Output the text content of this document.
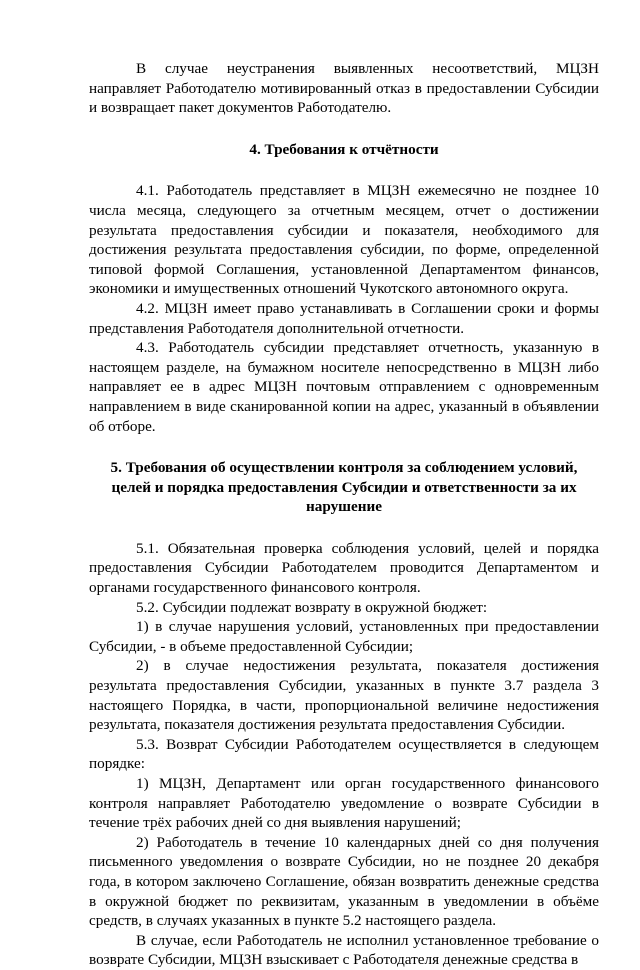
В случае неустранения выявленных несоответствий, МЦЗН направляет Работодателю мотивированный отказ в предоставлении Субсидии и возвращает пакет документов Работодателю.

4. Требования к отчётности

4.1. Работодатель представляет в МЦЗН ежемесячно не позднее 10 числа месяца, следующего за отчетным месяцем, отчет о достижении результата предоставления субсидии и показателя, необходимого для достижения результата предоставления субсидии, по форме, определенной типовой формой Соглашения, установленной Департаментом финансов, экономики и имущественных отношений Чукотского автономного округа.

4.2. МЦЗН имеет право устанавливать в Соглашении сроки и формы представления Работодателя дополнительной отчетности.

4.3. Работодатель субсидии представляет отчетность, указанную в настоящем разделе, на бумажном носителе непосредственно в МЦЗН либо направляет ее в адрес МЦЗН почтовым отправлением с одновременным направлением в виде сканированной копии на адрес, указанный в объявлении об отборе.

5. Требования об осуществлении контроля за соблюдением условий, целей и порядка предоставления Субсидии и ответственности за их нарушение

5.1. Обязательная проверка соблюдения условий, целей и порядка предоставления Субсидии Работодателем проводится Департаментом и органами государственного финансового контроля.

5.2. Субсидии подлежат возврату в окружной бюджет:

1) в случае нарушения условий, установленных при предоставлении Субсидии, - в объеме предоставленной Субсидии;

2) в случае недостижения результата, показателя достижения результата предоставления Субсидии, указанных в пункте 3.7 раздела 3 настоящего Порядка, в части, пропорциональной величине недостижения результата, показателя достижения результата предоставления Субсидии.

5.3. Возврат Субсидии Работодателем осуществляется в следующем порядке:

1) МЦЗН, Департамент или орган государственного финансового контроля направляет Работодателю уведомление о возврате Субсидии в течение трёх рабочих дней со дня выявления нарушений;

2) Работодатель в течение 10 календарных дней со дня получения письменного уведомления о возврате Субсидии, но не позднее 20 декабря года, в котором заключено Соглашение, обязан возвратить денежные средства в окружной бюджет по реквизитам, указанным в уведомлении в объёме средств, в случаях указанных в пункте 5.2 настоящего раздела.

В случае, если Работодатель не исполнил установленное требование о возврате Субсидии, МЦЗН взыскивает с Работодателя денежные средства в
